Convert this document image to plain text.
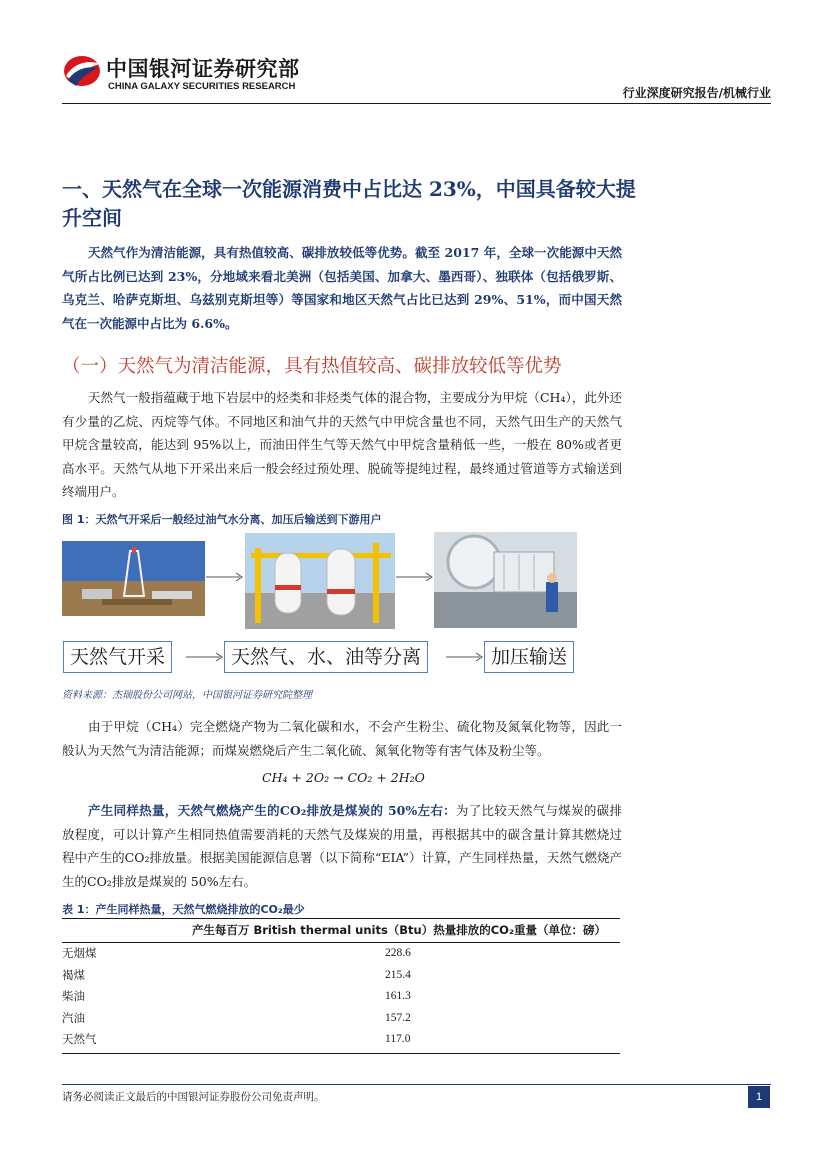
中国银河证券研究部
CHINA GALAXY SECURITIES RESEARCH	行业深度研究报告/机械行业
一、天然气在全球一次能源消费中占比达 23%，中国具备较大提升空间
天然气作为清洁能源，具有热值较高、碳排放较低等优势。截至 2017 年，全球一次能源中天然气所占比例已达到 23%，分地域来看北美洲（包括美国、加拿大、墨西哥）、独联体（包括俄罗斯、乌克兰、哈萨克斯坦、乌兹别克斯坦等）等国家和地区天然气占比已达到 29%、51%，而中国天然气在一次能源中占比为 6.6%。
（一）天然气为清洁能源，具有热值较高、碳排放较低等优势
天然气一般指蕴藏于地下岩层中的烃类和非烃类气体的混合物，主要成分为甲烷（CH₄），此外还有少量的乙烷、丙烷等气体。不同地区和油气井的天然气中甲烷含量也不同，天然气田生产的天然气甲烷含量较高，能达到 95%以上，而油田伴生气等天然气中甲烷含量稍低一些，一般在 80%或者更高水平。天然气从地下开采出来后一般会经过预处理、脱硫等提纯过程，最终通过管道等方式输送到终端用户。
图 1：天然气开采后一般经过油气水分离、加压后输送到下游用户
天然气开采	天然气、水、油等分离	加压输送
资料来源：杰瑞股份公司网站，中国银河证券研究院整理
由于甲烷（CH₄）完全燃烧产物为二氧化碳和水，不会产生粉尘、硫化物及氮氧化物等，因此一般认为天然气为清洁能源；而煤炭燃烧后产生二氧化硫、氮氧化物等有害气体及粉尘等。
CH₄ + 2O₂ → CO₂ + 2H₂O
产生同样热量，天然气燃烧产生的CO₂排放是煤炭的 50%左右：为了比较天然气与煤炭的碳排放程度，可以计算产生相同热值需要消耗的天然气及煤炭的用量，再根据其中的碳含量计算其燃烧过程中产生的CO₂排放量。根据美国能源信息署（以下简称“EIA”）计算，产生同样热量，天然气燃烧产生的CO₂排放是煤炭的 50%左右。
表 1：产生同样热量，天然气燃烧排放的CO₂最少
产生每百万 British thermal units（Btu）热量排放的CO₂重量（单位：磅）
无烟煤	228.6
褐煤	215.4
柴油	161.3
汽油	157.2
天然气	117.0
请务必阅读正文最后的中国银河证券股份公司免责声明。	1
